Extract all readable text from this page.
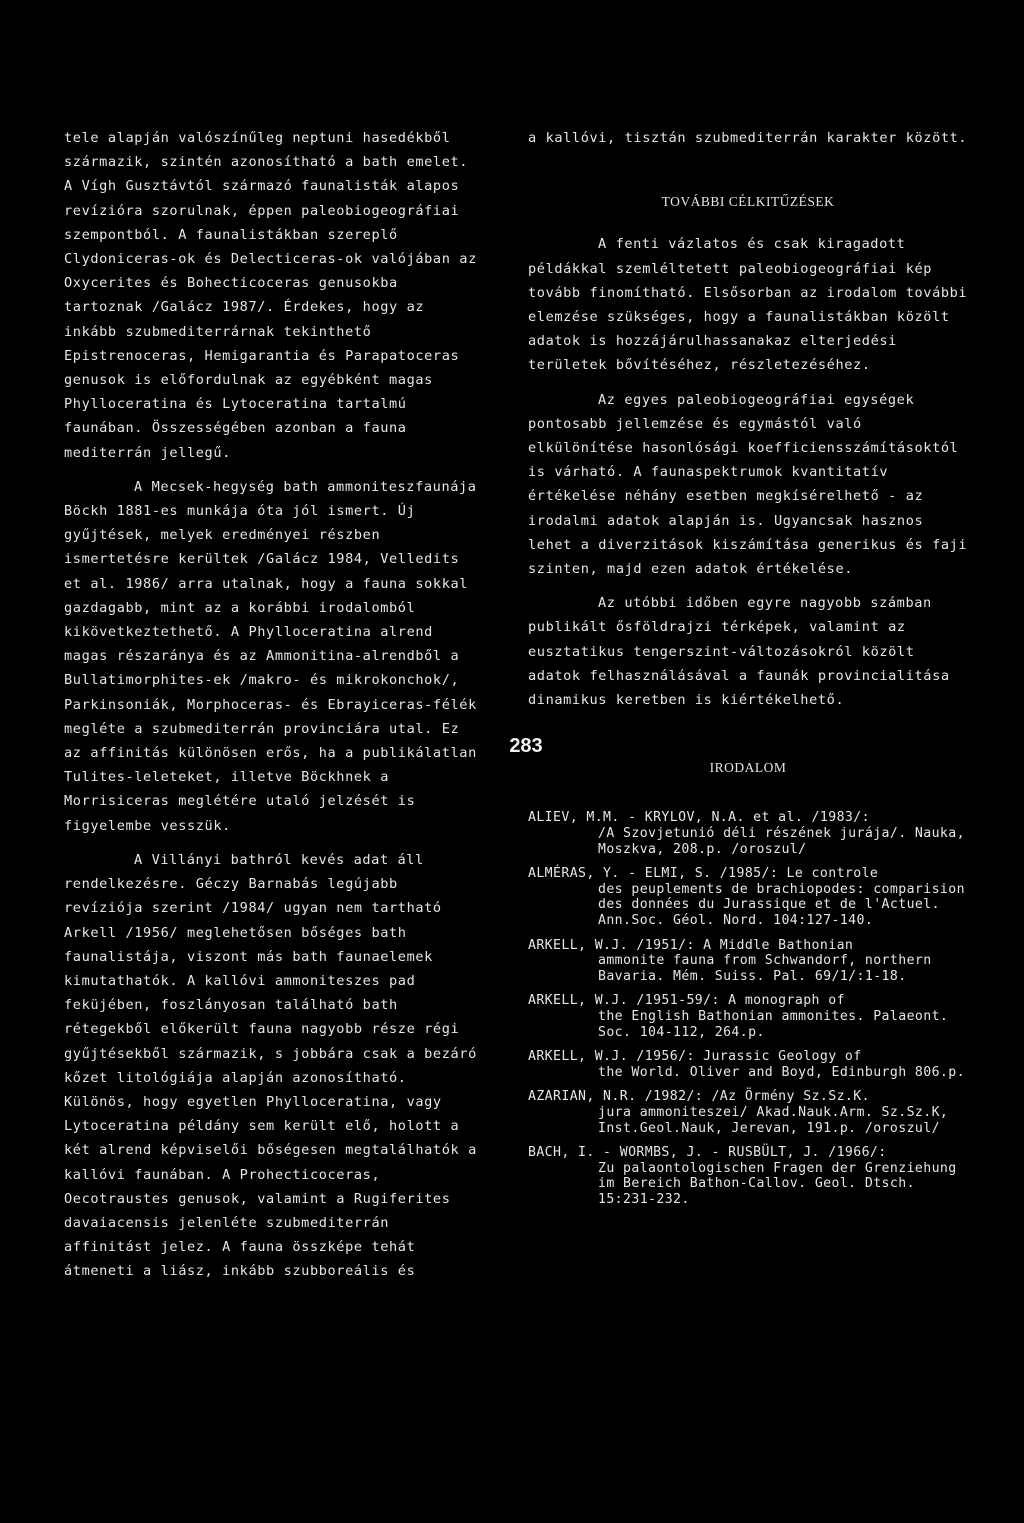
tele alapján valószínűleg neptuni hasedékből származik, szintén azonosítható a bath emelet. A Vígh Gusztávtól származó faunalisták alapos revízióra szorulnak, éppen paleobiogeográfiai szempontból. A faunalistákban szereplő Clydoniceras-ok és Delecticeras-ok valójában az Oxycerites és Bohecticoceras genusokba tartoznak /Galácz 1987/. Érdekes, hogy az inkább szubmediterrárnak tekinthető Epistrenoceras, Hemigarantia és Parapatoceras genusok is előfordulnak az egyébként magas Phylloceratina és Lytoceratina tartalmú faunában. Összességében azonban a fauna mediterrán jellegű.

A Mecsek-hegység bath ammoniteszfaunája Böckh 1881-es munkája óta jól ismert. Új gyűjtések, melyek eredményei részben ismertetésre kerültek /Galácz 1984, Velledits et al. 1986/ arra utalnak, hogy a fauna sokkal gazdagabb, mint az a korábbi irodalomból kikövetkeztethető. A Phylloceratina alrend magas részaránya és az Ammonitina-alrendből a Bullatimorphites-ek /makro- és mikrokonchok/, Parkinsoniák, Morphoceras- és Ebrayiceras-félék megléte a szubmediterrán provinciára utal. Ez az affinitás különösen erős, ha a publikálatlan Tulites-leleteket, illetve Böckhnek a Morrisiceras meglétére utaló jelzését is figyelembe vesszük.

A Villányi bathról kevés adat áll rendelkezésre. Géczy Barnabás legújabb revíziója szerint /1984/ ugyan nem tartható Arkell /1956/ meglehetősen bőséges bath faunalistája, viszont más bath faunaelemek kimutathatók. A kallóvi ammoniteszes pad feküjében, foszlányosan található bath rétegekből előkerült fauna nagyobb része régi gyűjtésekből származik, s jobbára csak a bezáró kőzet litológiája alapján azonosítható. Különös, hogy egyetlen Phylloceratina, vagy Lytoceratina példány sem került elő, holott a két alrend képviselői bőségesen megtalálhatók a kallóvi faunában. A Prohecticoceras, Oecotraustes genusok, valamint a Rugiferites davaiacensis jelenléte szubmediterrán affinitást jelez. A fauna összképe tehát átmeneti a liász, inkább szubboreális és

a kallóvi, tisztán szubmediterrán karakter között.

TOVÁBBI CÉLKITŰZÉSEK

A fenti vázlatos és csak kiragadott példákkal szemléltetett paleobiogeográfiai kép tovább finomítható. Elsősorban az irodalom további elemzése szükséges, hogy a faunalistákban közölt adatok is hozzájárulhassanakaz elterjedési területek bővítéséhez, részletezéséhez.

Az egyes paleobiogeográfiai egységek pontosabb jellemzése és egymástól való elkülönítése hasonlósági koefficiensszámításoktól is várható. A faunaspektrumok kvantitatív értékelése néhány esetben megkísérelhető - az irodalmi adatok alapján is. Ugyancsak hasznos lehet a diverzitások kiszámítása generikus és faji szinten, majd ezen adatok értékelése.

Az utóbbi időben egyre nagyobb számban publikált ősföldrajzi térképek, valamint az eusztatikus tengerszint-változásokról közölt adatok felhasználásával a faunák provincialitása dinamikus keretben is kiértékelhető.

IRODALOM

ALIEV, M.M. - KRYLOV, N.A. et al. /1983/:
/A Szovjetunió déli részének jurája/. Nauka, Moszkva, 208.p. /oroszul/
ALMÉRAS, Y. - ELMI, S. /1985/: Le controle
des peuplements de brachiopodes: comparision des données du Jurassique et de l'Actuel. Ann.Soc. Géol. Nord. 104:127-140.
ARKELL, W.J. /1951/: A Middle Bathonian
ammonite fauna from Schwandorf, northern Bavaria. Mém. Suiss. Pal. 69/1/:1-18.
ARKELL, W.J. /1951-59/: A monograph of
the English Bathonian ammonites. Palaeont. Soc. 104-112, 264.p.
ARKELL, W.J. /1956/: Jurassic Geology of
the World. Oliver and Boyd, Edinburgh 806.p.
AZARIAN, N.R. /1982/: /Az Örmény Sz.Sz.K.
jura ammoniteszei/ Akad.Nauk.Arm. Sz.Sz.K, Inst.Geol.Nauk, Jerevan, 191.p. /oroszul/
BACH, I. - WORMBS, J. - RUSBÜLT, J. /1966/:
Zu palaontologischen Fragen der Grenziehung im Bereich Bathon-Callov. Geol. Dtsch. 15:231-232.
283
